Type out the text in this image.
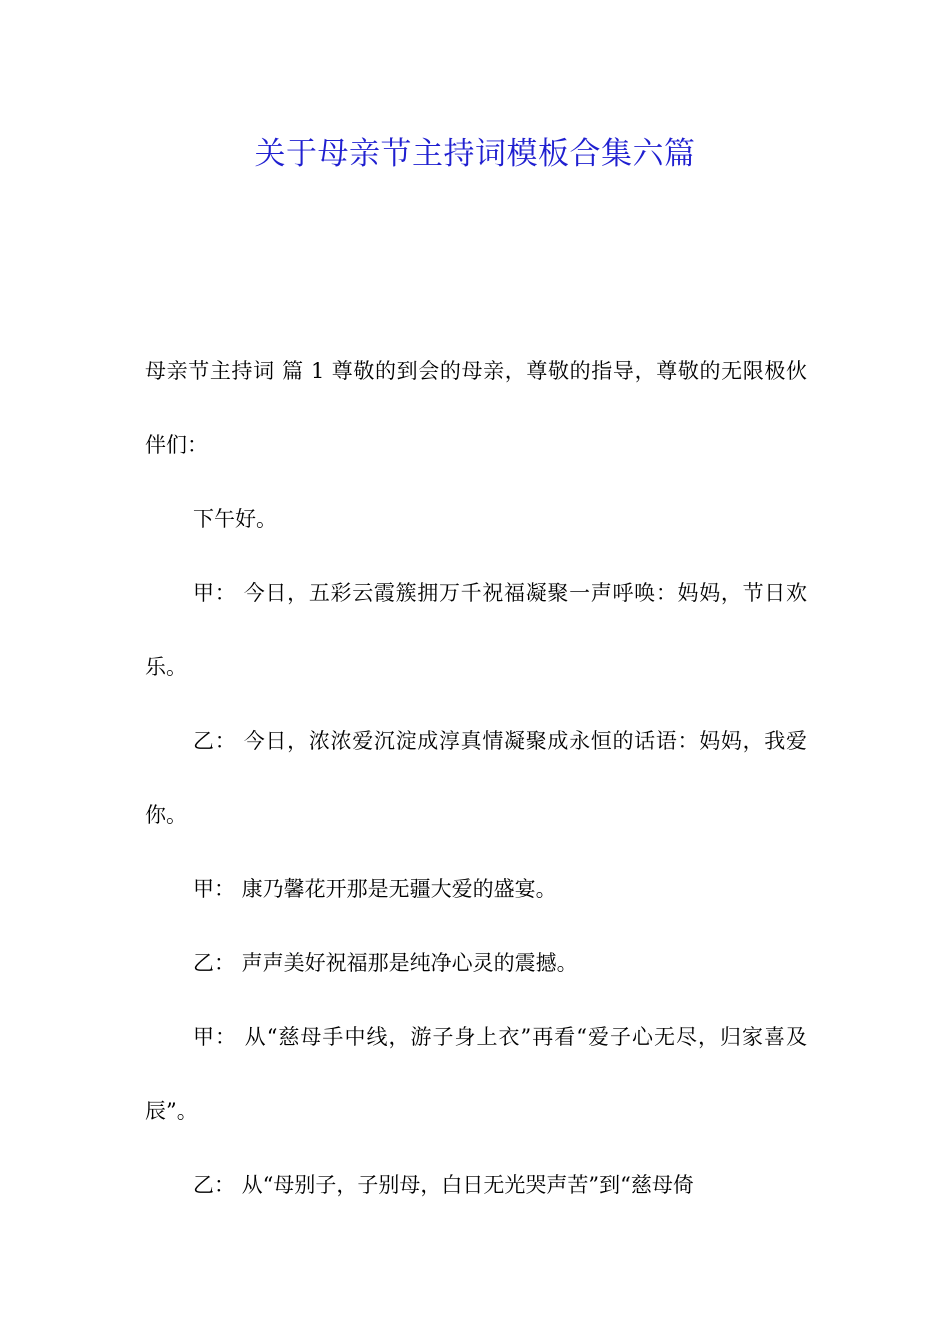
关于母亲节主持词模板合集六篇

母亲节主持词 篇 1 尊敬的到会的母亲，尊敬的指导，尊敬的无限极伙伴们：

下午好。

甲： 今日，五彩云霞簇拥万千祝福凝聚一声呼唤：妈妈，节日欢乐。

乙： 今日，浓浓爱沉淀成淳真情凝聚成永恒的话语：妈妈，我爱你。

甲： 康乃馨花开那是无疆大爱的盛宴。

乙： 声声美好祝福那是纯净心灵的震撼。

甲： 从“慈母手中线，游子身上衣”再看“爱子心无尽，归家喜及辰”。

乙： 从“母别子，子别母，白日无光哭声苦”到“慈母倚
